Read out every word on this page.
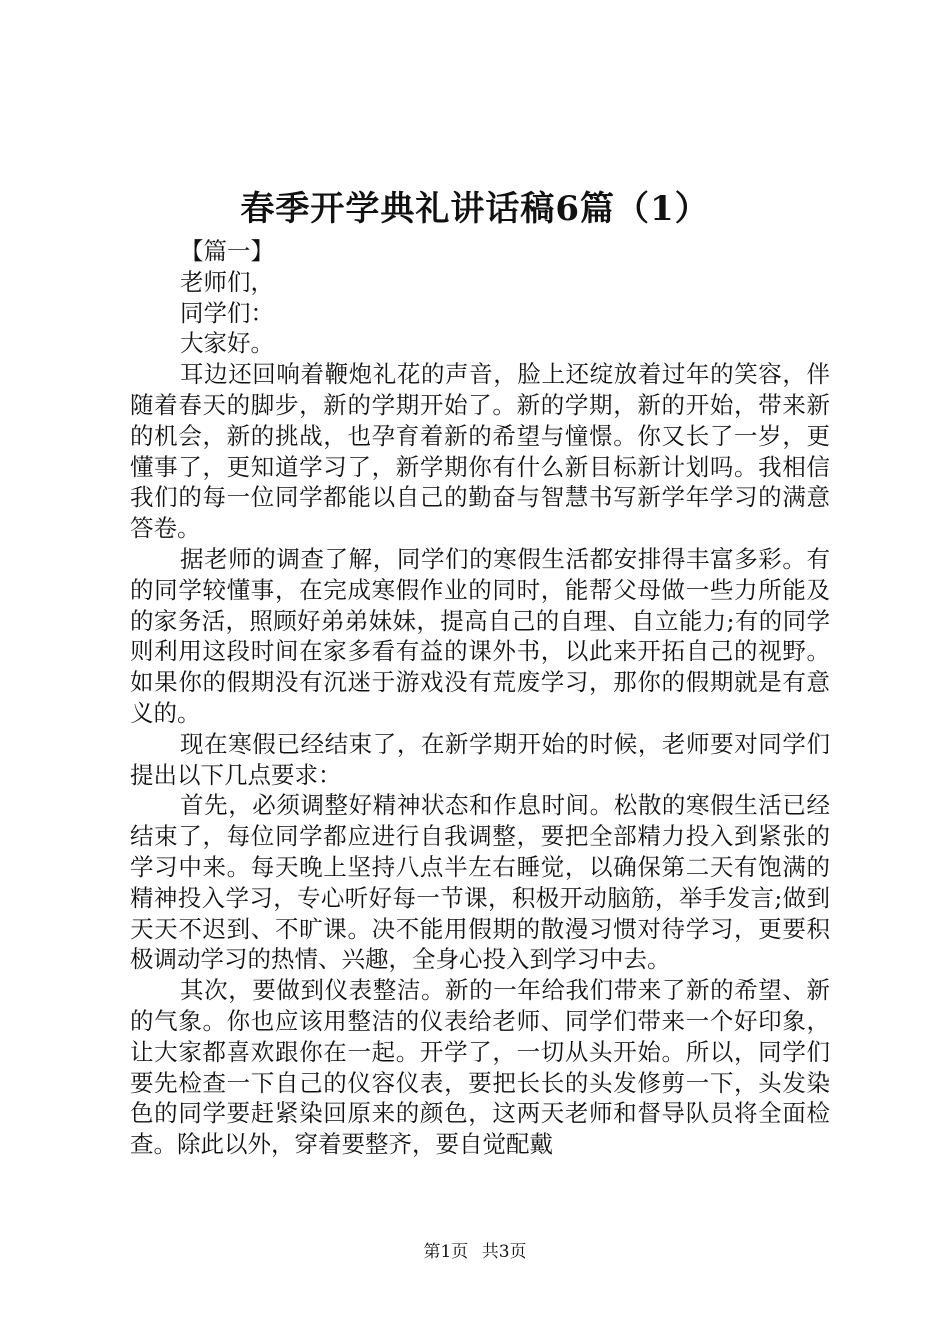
春季开学典礼讲话稿6篇（1）

【篇一】

老师们，

同学们：

大家好。

耳边还回响着鞭炮礼花的声音，脸上还绽放着过年的笑容，伴随着春天的脚步，新的学期开始了。新的学期，新的开始，带来新的机会，新的挑战，也孕育着新的希望与憧憬。你又长了一岁，更懂事了，更知道学习了，新学期你有什么新目标新计划吗。我相信我们的每一位同学都能以自己的勤奋与智慧书写新学年学习的满意答卷。

据老师的调查了解，同学们的寒假生活都安排得丰富多彩。有的同学较懂事，在完成寒假作业的同时，能帮父母做一些力所能及的家务活，照顾好弟弟妹妹，提高自己的自理、自立能力;有的同学则利用这段时间在家多看有益的课外书，以此来开拓自己的视野。如果你的假期没有沉迷于游戏没有荒废学习，那你的假期就是有意义的。

现在寒假已经结束了，在新学期开始的时候，老师要对同学们提出以下几点要求：

首先，必须调整好精神状态和作息时间。松散的寒假生活已经结束了，每位同学都应进行自我调整，要把全部精力投入到紧张的学习中来。每天晚上坚持八点半左右睡觉，以确保第二天有饱满的精神投入学习，专心听好每一节课，积极开动脑筋，举手发言;做到天天不迟到、不旷课。决不能用假期的散漫习惯对待学习，更要积极调动学习的热情、兴趣，全身心投入到学习中去。

其次，要做到仪表整洁。新的一年给我们带来了新的希望、新的气象。你也应该用整洁的仪表给老师、同学们带来一个好印象，让大家都喜欢跟你在一起。开学了，一切从头开始。所以，同学们要先检查一下自己的仪容仪表，要把长长的头发修剪一下，头发染色的同学要赶紧染回原来的颜色，这两天老师和督导队员将全面检查。除此以外，穿着要整齐，要自觉配戴

第1页 共3页
